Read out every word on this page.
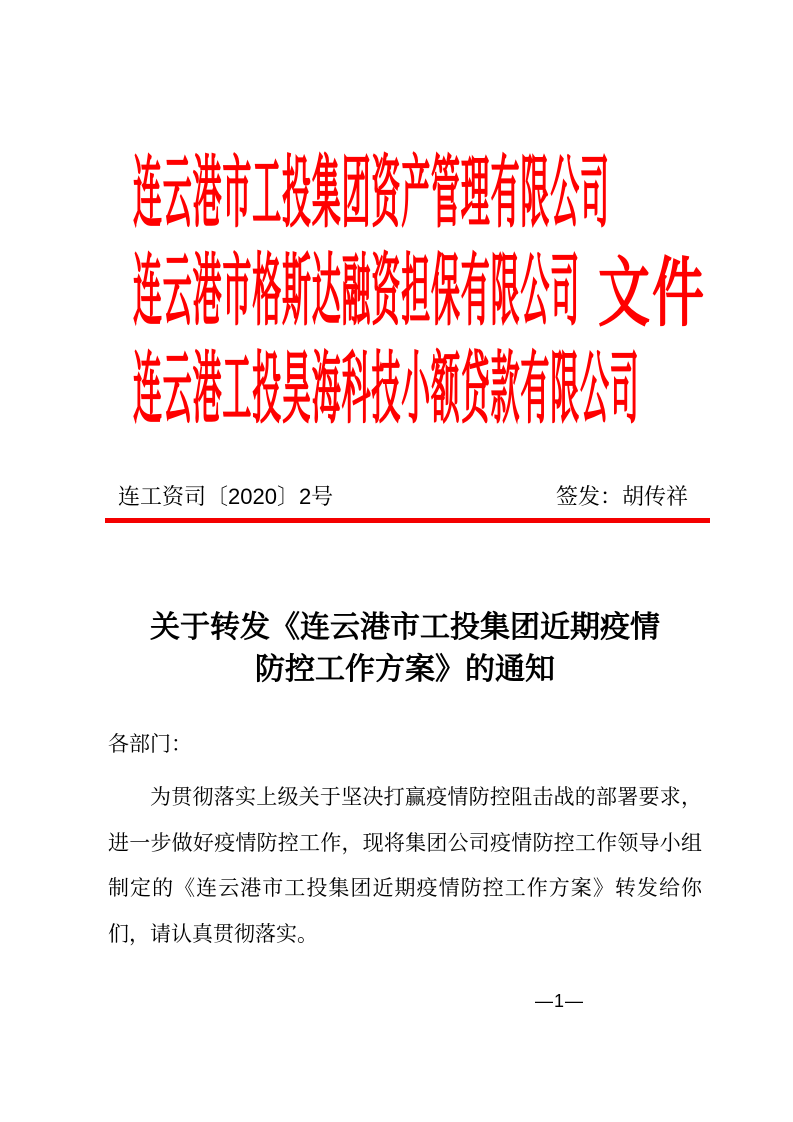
连云港市工投集团资产管理有限公司
连云港市格斯达融资担保有限公司 文件
连云港工投昊海科技小额贷款有限公司
连工资司〔2020〕2号	签发：胡传祥
关于转发《连云港市工投集团近期疫情
防控工作方案》的通知
各部门：

为贯彻落实上级关于坚决打赢疫情防控阻击战的部署要求，进一步做好疫情防控工作，现将集团公司疫情防控工作领导小组制定的《连云港市工投集团近期疫情防控工作方案》转发给你们，请认真贯彻落实。

—1—
